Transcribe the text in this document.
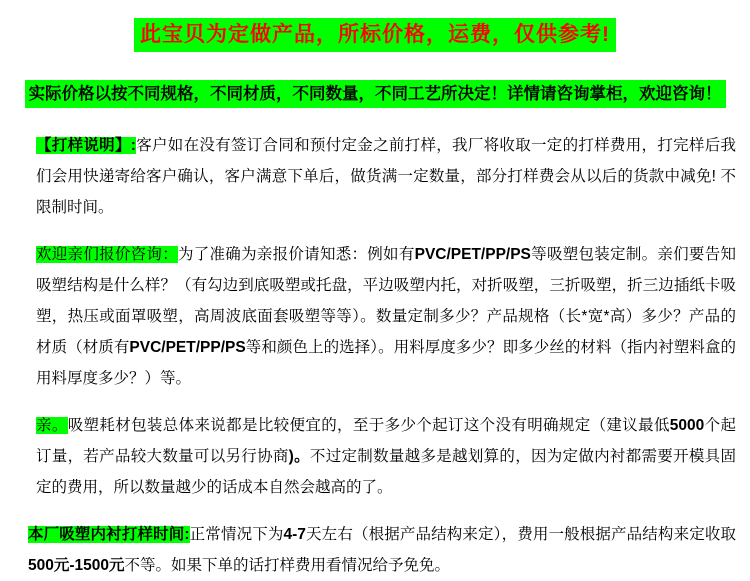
此宝贝为定做产品，所标价格，运费，仅供参考!
实际价格以按不同规格，不同材质，不同数量，不同工艺所决定！详情请咨询掌柜，欢迎咨询！

【打样说明】:客户如在没有签订合同和预付定金之前打样，我厂将收取一定的打样费用，打完样后我们会用快递寄给客户确认，客户满意下单后，做货满一定数量，部分打样费会从以后的货款中减免! 不限制时间。

欢迎亲们报价咨询：为了准确为亲报价请知悉：例如有PVC/PET/PP/PS等吸塑包装定制。亲们要告知吸塑结构是什么样？（有勾边到底吸塑或托盘，平边吸塑内托，对折吸塑，三折吸塑，折三边插纸卡吸塑，热压或面罩吸塑，高周波底面套吸塑等等）。数量定制多少？产品规格（长*宽*高）多少？产品的材质（材质有PVC/PET/PP/PS等和颜色上的选择）。用料厚度多少？即多少丝的材料（指内衬塑料盒的用料厚度多少？）等。

亲。吸塑耗材包装总体来说都是比较便宜的，至于多少个起订这个没有明确规定（建议最低5000个起订量，若产品较大数量可以另行协商)。不过定制数量越多是越划算的，因为定做内衬都需要开模具固定的费用，所以数量越少的话成本自然会越高的了。

本厂吸塑内衬打样时间:正常情况下为4-7天左右（根据产品结构来定），费用一般根据产品结构来定收取500元-1500元不等。如果下单的话打样费用看情况给予免免。
